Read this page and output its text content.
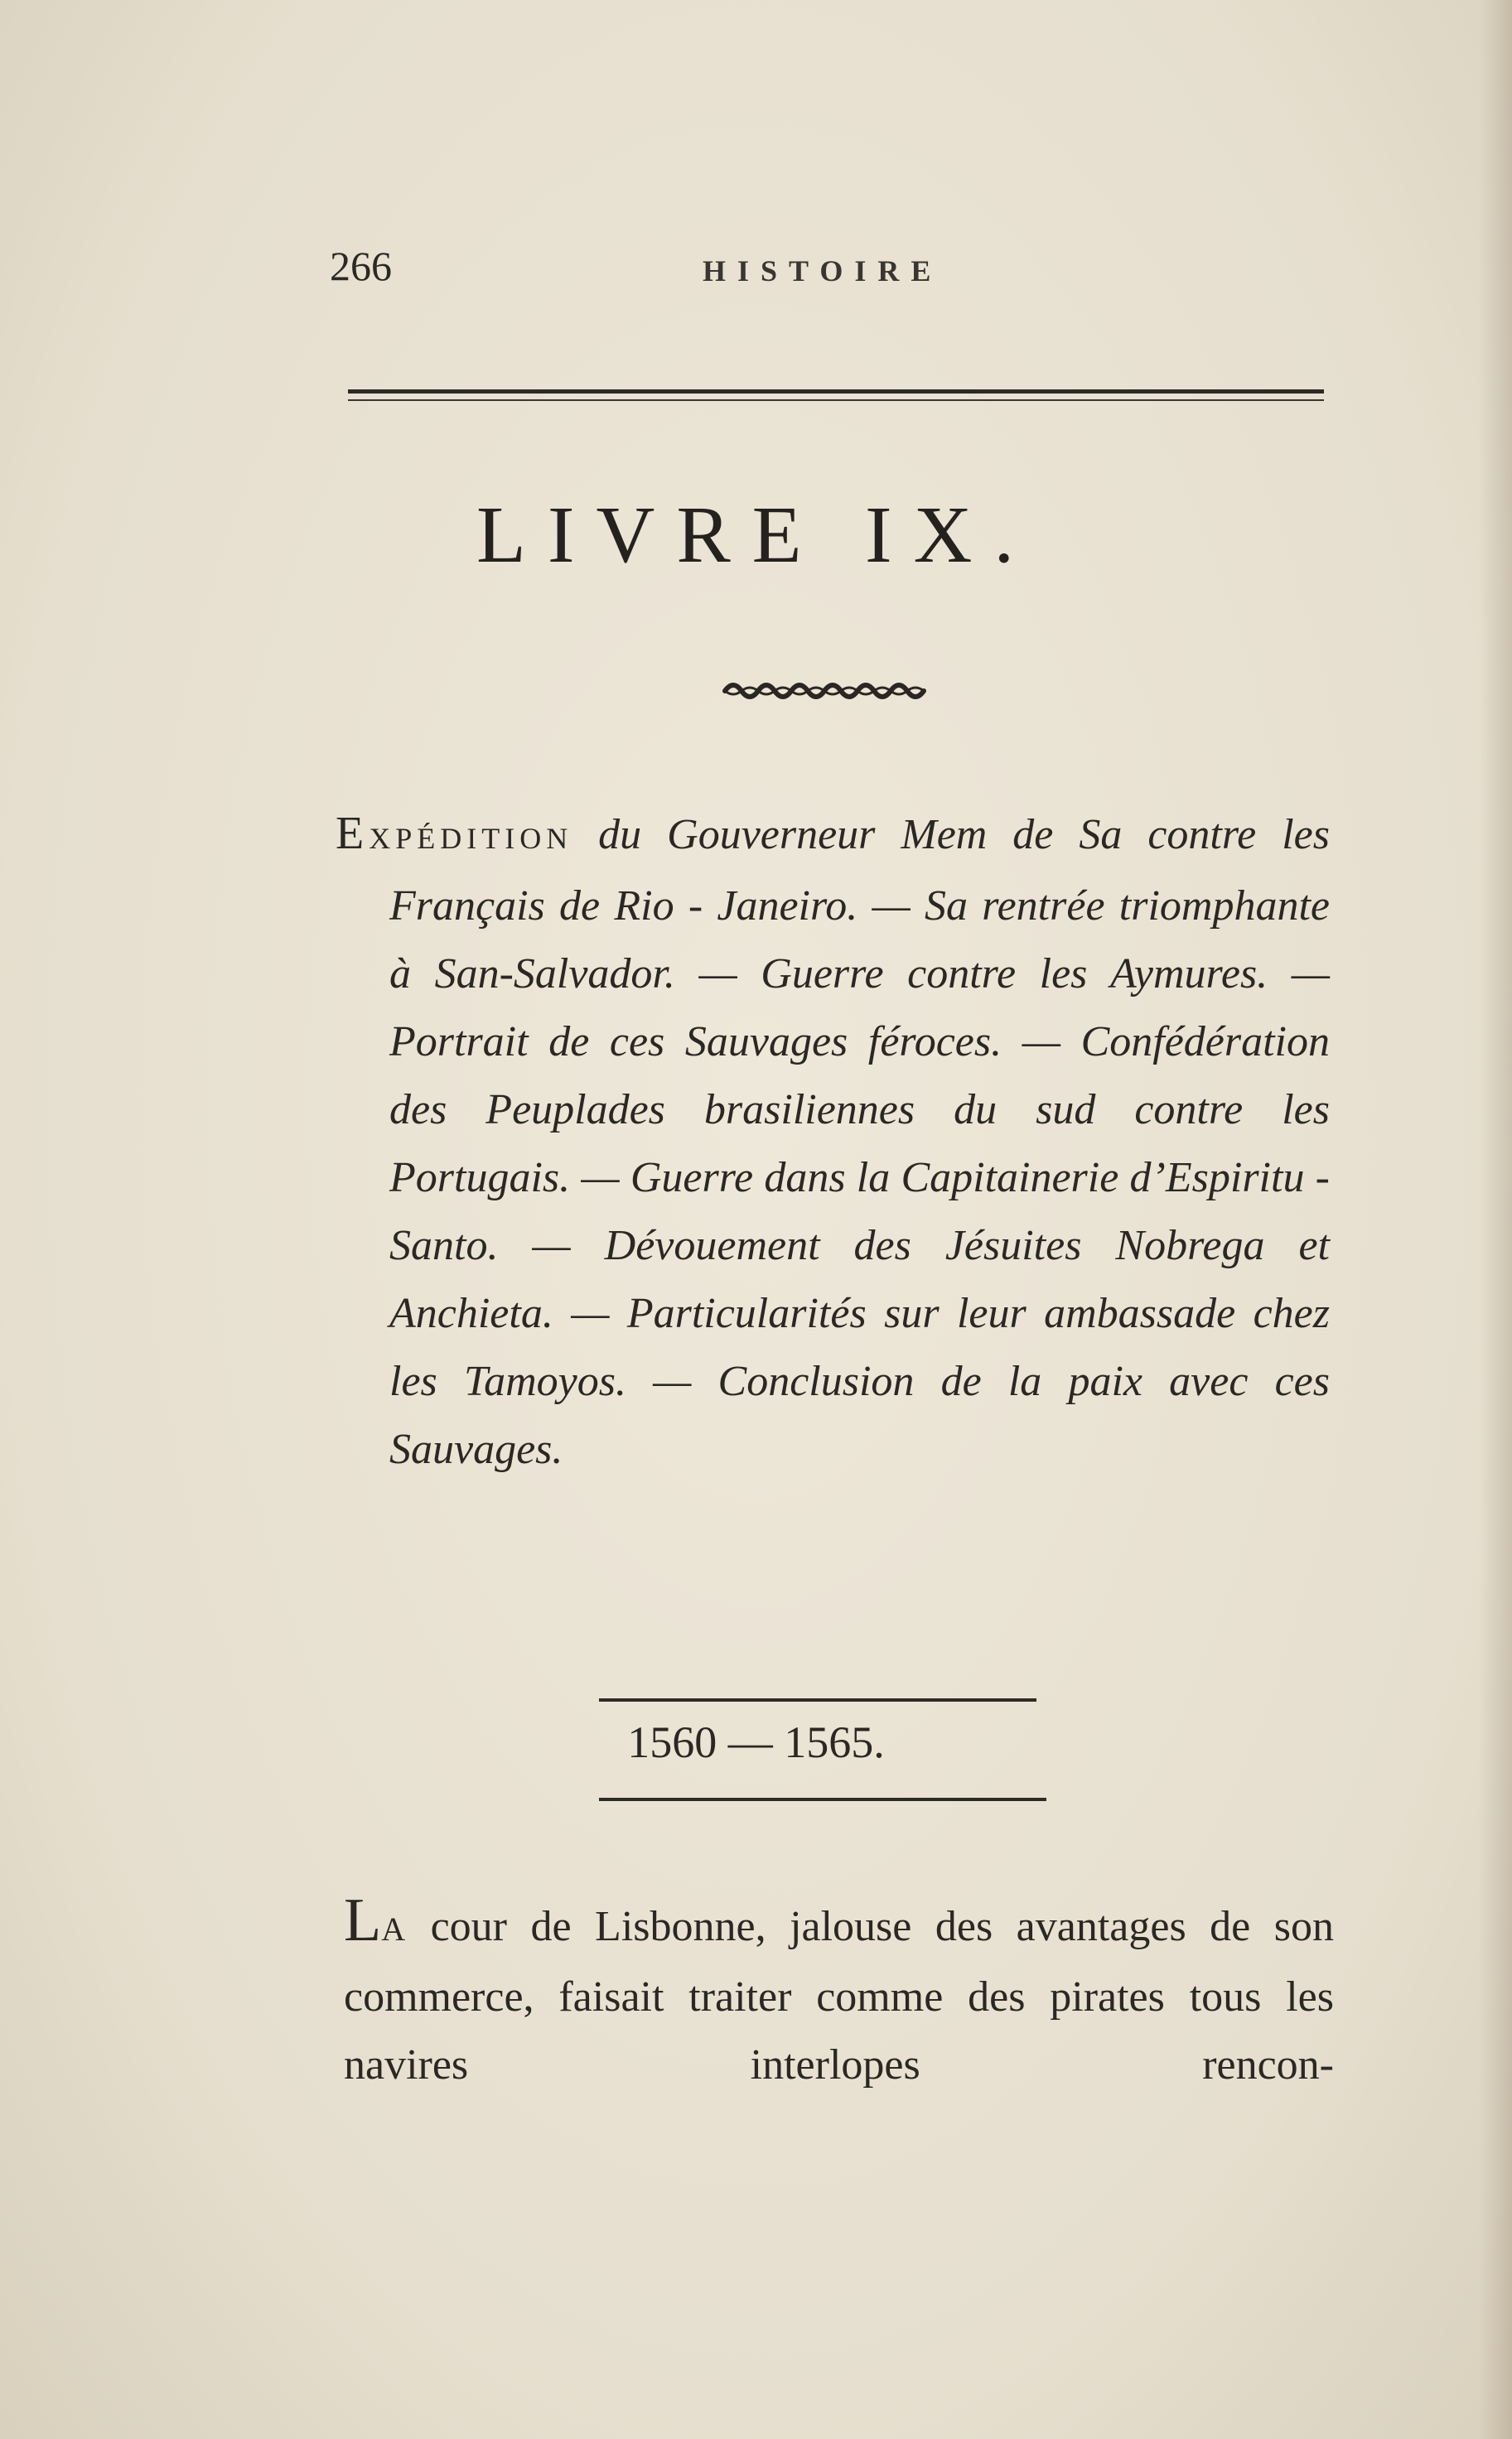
266	HISTOIRE
LIVRE IX.
EXPÉDITION du Gouverneur Mem de Sa contre les Français de Rio - Janeiro. — Sa rentrée triomphante à San-Salvador. — Guerre contre les Aymures. — Portrait de ces Sauvages féroces. — Confédération des Peuplades brasiliennes du sud contre les Portugais. — Guerre dans la Capitainerie d’Espiritu - Santo. — Dévouement des Jésuites Nobrega et Anchieta. — Particularités sur leur ambassade chez les Tamoyos. — Conclusion de la paix avec ces Sauvages.
1560 — 1565.
LA cour de Lisbonne, jalouse des avantages de son commerce, faisait traiter comme des pirates tous les navires interlopes rencon-
